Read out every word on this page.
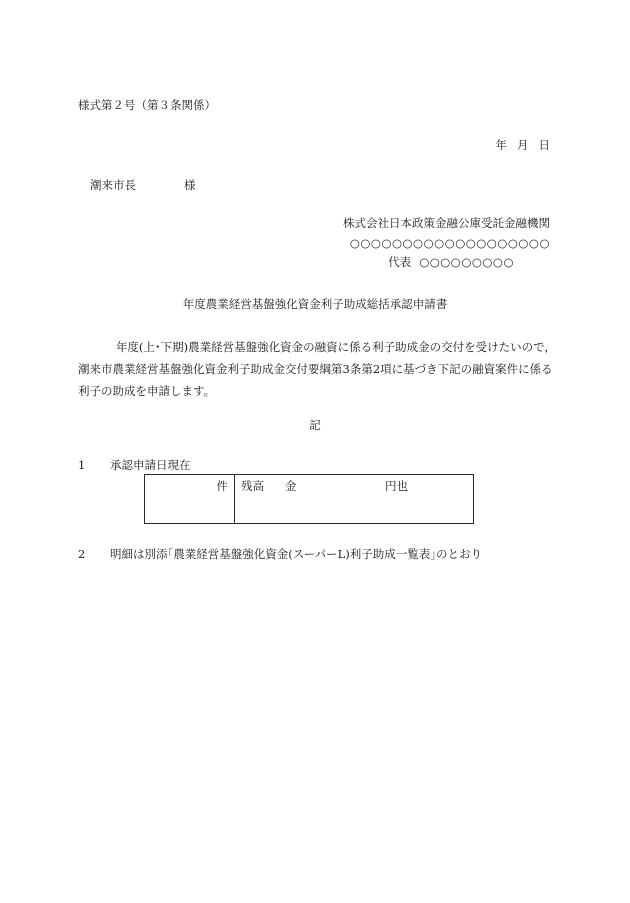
様式第２号（第３条関係）
年 月 日
潮来市長	様
株式会社日本政策金融公庫受託金融機関
○○○○○○○○○○○○○○○○○○○
代表 ○○○○○○○○○
年度農業経営基盤強化資金利子助成総括承認申請書

年度(上･下期)農業経営基盤強化資金の融資に係る利子助成金の交付を受けたいので，潮来市農業経営基盤強化資金利子助成金交付要綱第3条第2項に基づき下記の融資案件に係る利子の助成を申請します。

記
1 承認申請日現在
件 残高 金	円也
2 明細は別添｢農業経営基盤強化資金(スーパーL)利子助成一覧表｣のとおり
